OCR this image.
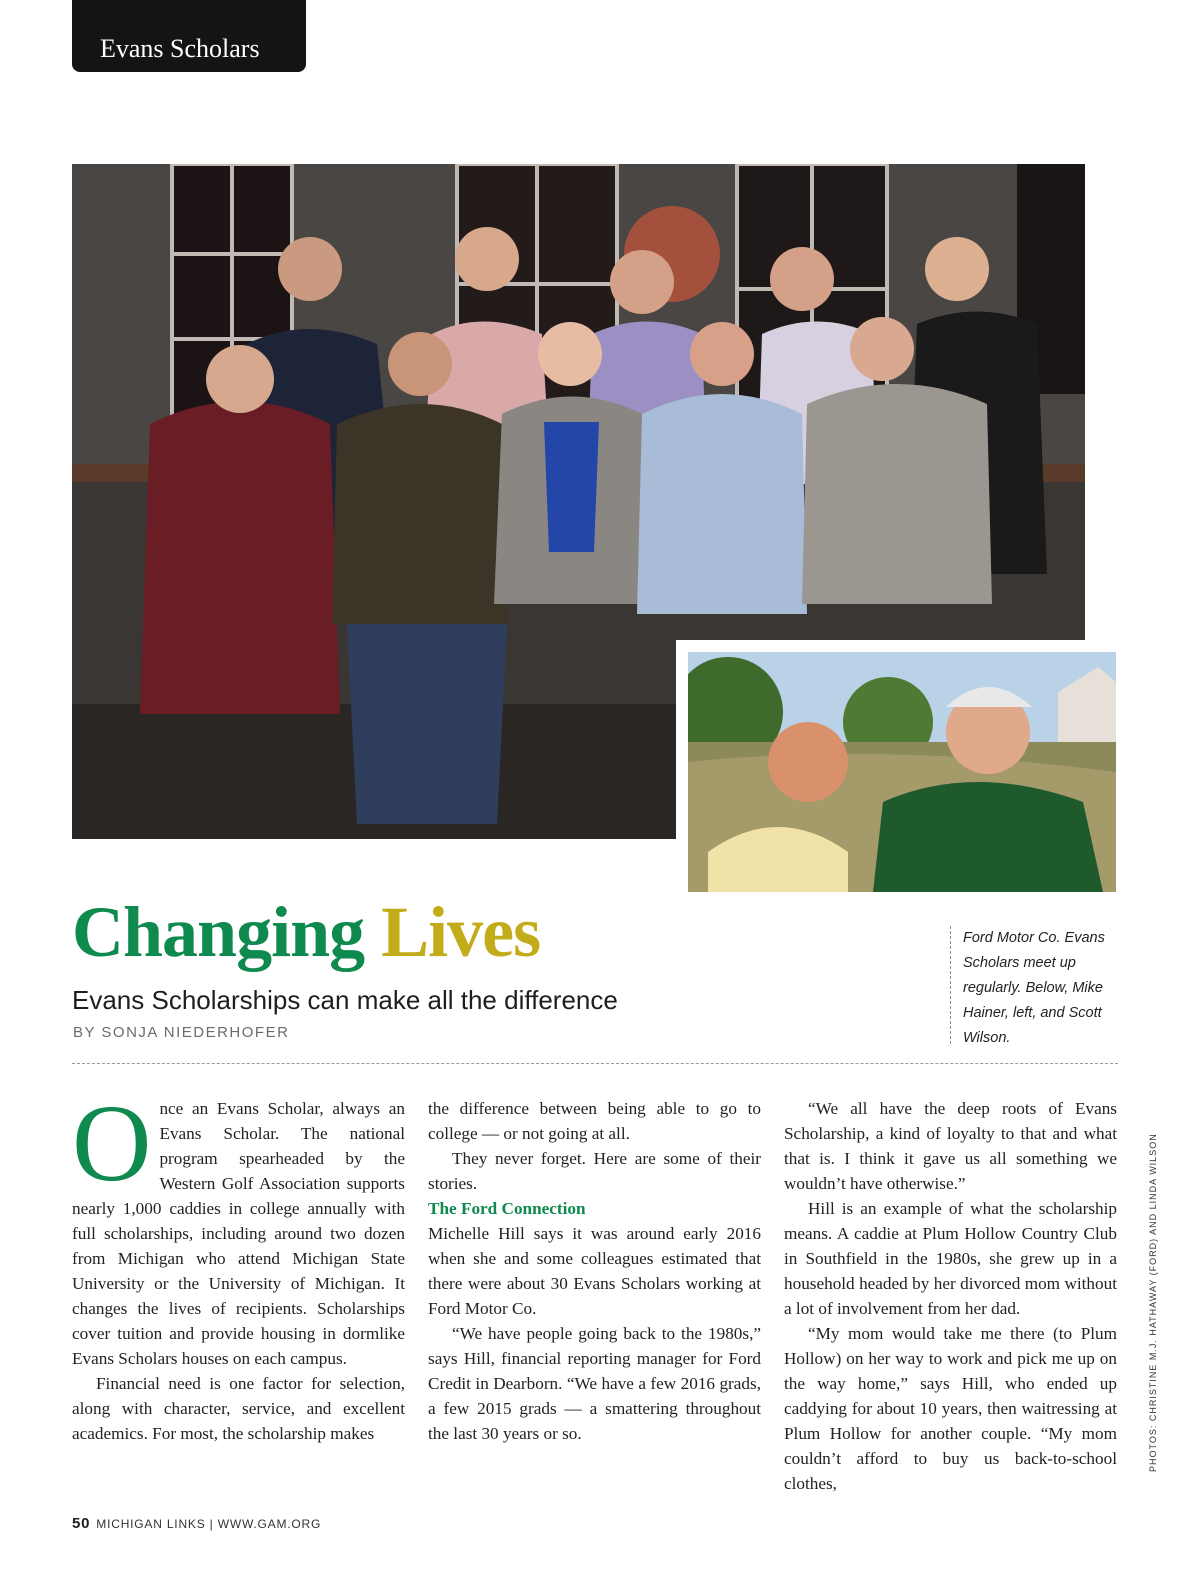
Evans Scholars
Changing Lives
Evans Scholarships can make all the difference
BY SONJA NIEDERHOFER
Ford Motor Co. Evans Scholars meet up regularly. Below, Mike Hainer, left, and Scott Wilson.

Once an Evans Scholar, always an Evans Scholar. The national program spearheaded by the Western Golf Association supports nearly 1,000 caddies in college annually with full scholarships, including around two dozen from Michigan who attend Michigan State University or the University of Michigan. It changes the lives of recipients. Scholarships cover tuition and provide housing in dormlike Evans Scholars houses on each campus.

Financial need is one factor for selection, along with character, service, and excellent academics. For most, the scholarship makes

the difference between being able to go to college — or not going at all.

They never forget. Here are some of their stories.

The Ford Connection

Michelle Hill says it was around early 2016 when she and some colleagues estimated that there were about 30 Evans Scholars working at Ford Motor Co.

“We have people going back to the 1980s,” says Hill, financial reporting manager for Ford Credit in Dearborn. “We have a few 2016 grads, a few 2015 grads — a smattering throughout the last 30 years or so.

“We all have the deep roots of Evans Scholarship, a kind of loyalty to that and what that is. I think it gave us all something we wouldn’t have otherwise.”

Hill is an example of what the scholarship means. A caddie at Plum Hollow Country Club in Southfield in the 1980s, she grew up in a household headed by her divorced mom without a lot of involvement from her dad.

“My mom would take me there (to Plum Hollow) on her way to work and pick me up on the way home,” says Hill, who ended up caddying for about 10 years, then waitressing at Plum Hollow for another couple. “My mom couldn’t afford to buy us back-to-school clothes,

PHOTOS: CHRISTINE M.J. HATHAWAY (FORD) AND LINDA WILSON
50 MICHIGAN LINKS | WWW.GAM.ORG
